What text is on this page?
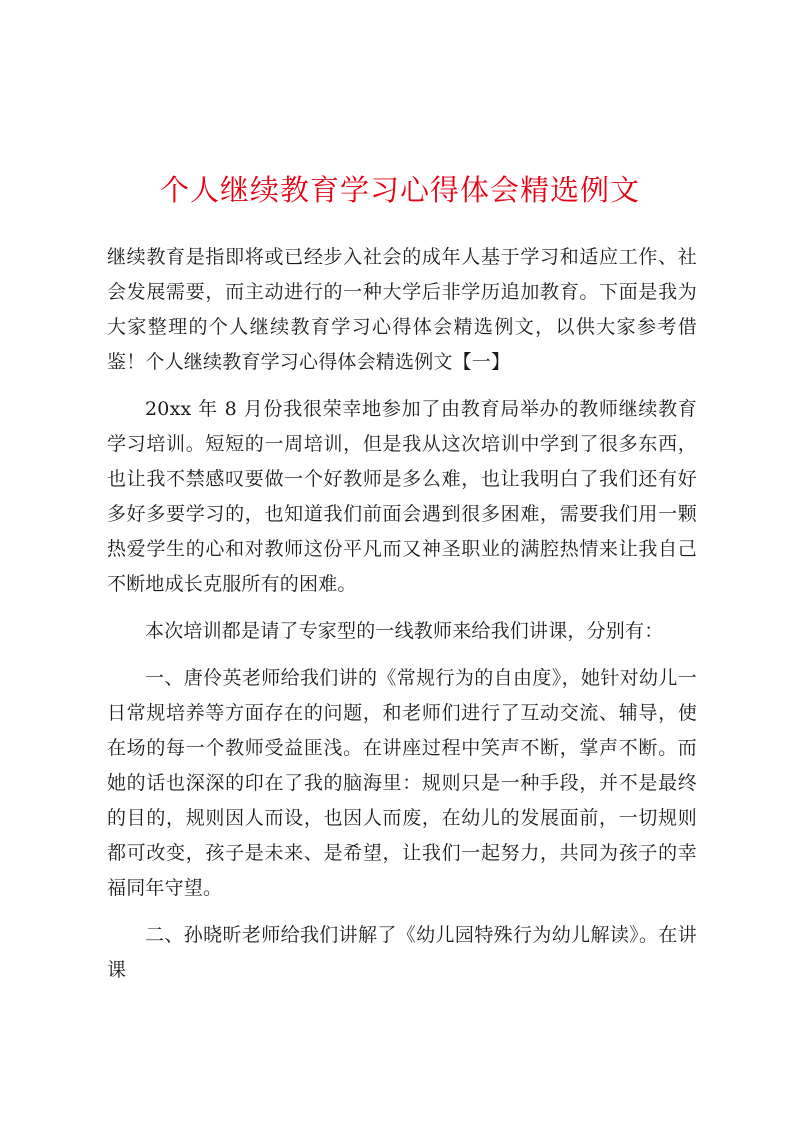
个人继续教育学习心得体会精选例文

继续教育是指即将或已经步入社会的成年人基于学习和适应工作、社会发展需要，而主动进行的一种大学后非学历追加教育。下面是我为大家整理的个人继续教育学习心得体会精选例文，以供大家参考借鉴！个人继续教育学习心得体会精选例文【一】

20xx 年 8 月份我很荣幸地参加了由教育局举办的教师继续教育学习培训。短短的一周培训，但是我从这次培训中学到了很多东西，也让我不禁感叹要做一个好教师是多么难，也让我明白了我们还有好多好多要学习的，也知道我们前面会遇到很多困难，需要我们用一颗热爱学生的心和对教师这份平凡而又神圣职业的满腔热情来让我自己不断地成长克服所有的困难。

本次培训都是请了专家型的一线教师来给我们讲课，分别有：

一、唐伶英老师给我们讲的《常规行为的自由度》，她针对幼儿一日常规培养等方面存在的问题，和老师们进行了互动交流、辅导，使在场的每一个教师受益匪浅。在讲座过程中笑声不断，掌声不断。而她的话也深深的印在了我的脑海里：规则只是一种手段，并不是最终的目的，规则因人而设，也因人而废，在幼儿的发展面前，一切规则都可改变，孩子是未来、是希望，让我们一起努力，共同为孩子的幸福同年守望。

二、孙晓昕老师给我们讲解了《幼儿园特殊行为幼儿解读》。在讲课
